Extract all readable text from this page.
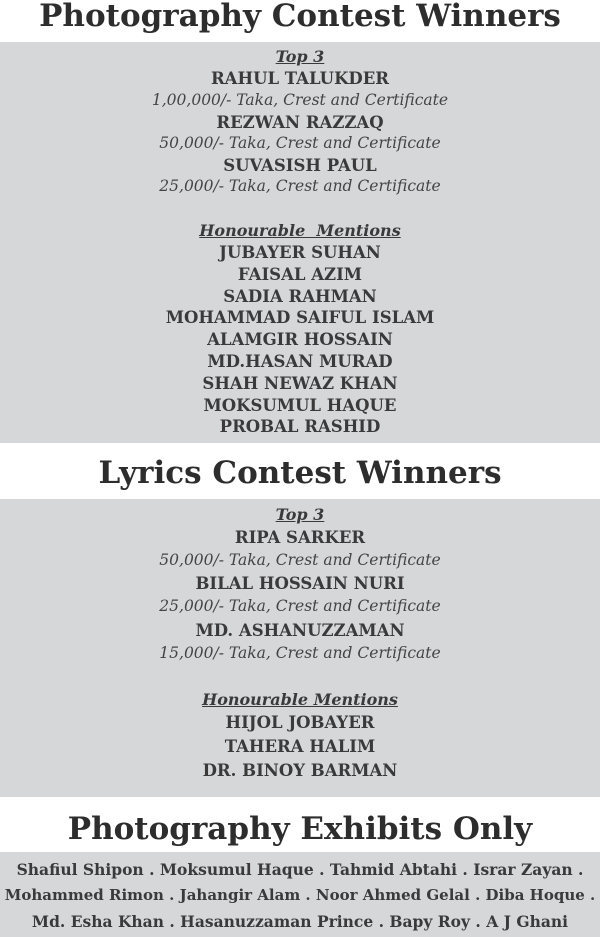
Photography Contest Winners
Top 3
RAHUL TALUKDER
1,00,000/- Taka, Crest and Certificate
REZWAN RAZZAQ
50,000/- Taka, Crest and Certificate
SUVASISH PAUL
25,000/- Taka, Crest and Certificate
Honourable  Mentions
JUBAYER SUHAN
FAISAL AZIM
SADIA RAHMAN
MOHAMMAD SAIFUL ISLAM
ALAMGIR HOSSAIN
MD.HASAN MURAD
SHAH NEWAZ KHAN
MOKSUMUL HAQUE
PROBAL RASHID
Lyrics Contest Winners
Top 3
RIPA SARKER
50,000/- Taka, Crest and Certificate
BILAL HOSSAIN NURI
25,000/- Taka, Crest and Certificate
MD. ASHANUZZAMAN
15,000/- Taka, Crest and Certificate
Honourable Mentions
HIJOL JOBAYER
TAHERA HALIM
DR. BINOY BARMAN
Photography Exhibits Only
Shafiul Shipon . Moksumul Haque . Tahmid Abtahi . Israr Zayan .
Mohammed Rimon . Jahangir Alam . Noor Ahmed Gelal . Diba Hoque .
Md. Esha Khan . Hasanuzzaman Prince . Bapy Roy . A J Ghani
